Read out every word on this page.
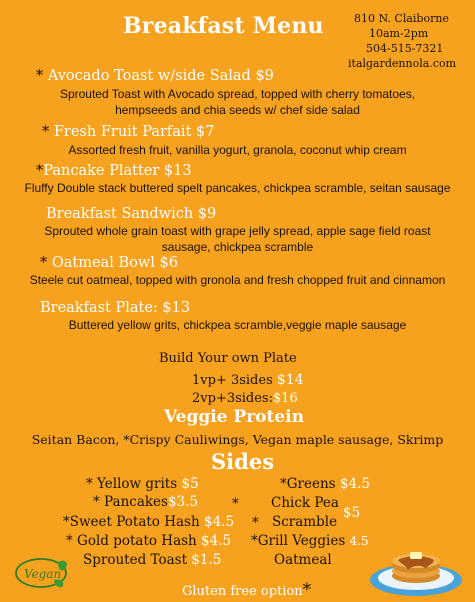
Breakfast Menu	810 N. Claiborne
10am-2pm
504-515-7321
italgardennola.com
* Avocado Toast w/side Salad $9
Sprouted Toast with Avocado spread, topped with cherry tomatoes,
hempseeds and chia seeds w/ chef side salad
* Fresh Fruit Parfait $7
Assorted fresh fruit, vanilla yogurt, granola, coconut whip cream
*Pancake Platter $13
Fluffy Double stack buttered spelt pancakes, chickpea scramble, seitan sausage
Breakfast Sandwich $9
Sprouted whole grain toast with grape jelly spread, apple sage field roast
sausage, chickpea scramble
* Oatmeal Bowl $6
Steele cut oatmeal, topped with gronola and fresh chopped fruit and cinnamon
Breakfast Plate: $13
Buttered yellow grits, chickpea scramble,veggie maple sausage
Build Your own Plate
1vp+ 3sides $14
2vp+3sides:$16
Veggie Protein
Seitan Bacon, *Crispy Cauliwings, Vegan maple sausage, Skrimp
Sides
* Yellow grits $5
* Pancakes$3.5
*Sweet Potato Hash $4.5
* Gold potato Hash $4.5
Sprouted Toast $1.5
*
*
*Greens $4.5
Chick Pea
Scramble
$5
*Grill Veggies 4.5
Oatmeal
Gluten free option*
Vegan
